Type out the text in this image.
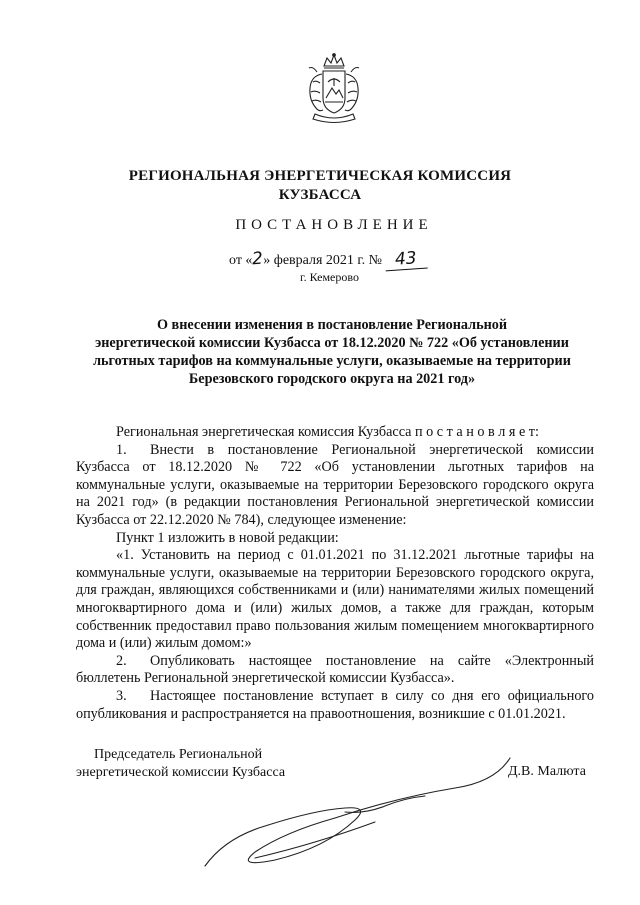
РЕГИОНАЛЬНАЯ ЭНЕРГЕТИЧЕСКАЯ КОМИССИЯ
КУЗБАССА
ПОСТАНОВЛЕНИЕ
от «2» февраля 2021 г. № 43
г. Кемерово
О внесении изменения в постановление Региональной
энергетической комиссии Кузбасса от 18.12.2020 № 722 «Об установлении
льготных тарифов на коммунальные услуги, оказываемые на территории
Березовского городского округа на 2021 год»

Региональная энергетическая комиссия Кузбасса п о с т а н о в л я е т:

1. Внести в постановление Региональной энергетической комиссии Кузбасса от 18.12.2020 № 722 «Об установлении льготных тарифов на коммунальные услуги, оказываемые на территории Березовского городского округа на 2021 год» (в редакции постановления Региональной энергетической комиссии Кузбасса от 22.12.2020 № 784), следующее изменение:

Пункт 1 изложить в новой редакции:

«1. Установить на период с 01.01.2021 по 31.12.2021 льготные тарифы на коммунальные услуги, оказываемые на территории Березовского городского округа, для граждан, являющихся собственниками и (или) нанимателями жилых помещений многоквартирного дома и (или) жилых домов, а также для граждан, которым собственник предоставил право пользования жилым помещением многоквартирного дома и (или) жилым домом:»

2. Опубликовать настоящее постановление на сайте «Электронный бюллетень Региональной энергетической комиссии Кузбасса».

3. Настоящее постановление вступает в силу со дня его официального опубликования и распространяется на правоотношения, возникшие с 01.01.2021.

Председатель Региональной
энергетической комиссии Кузбасса	Д.В. Малюта
